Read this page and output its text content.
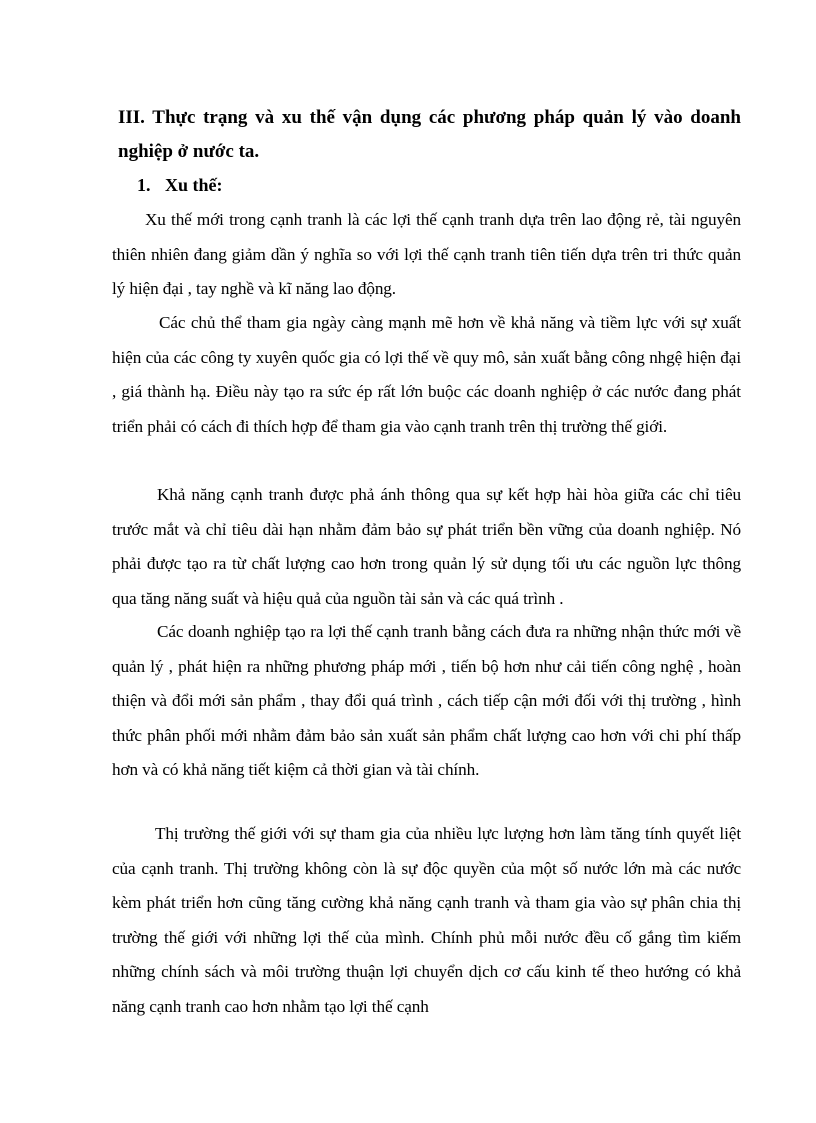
III. Thực trạng và xu thế vận dụng các phương pháp quản lý vào doanh nghiệp ở nước ta.

1. Xu thế:

Xu thế mới trong cạnh tranh là các lợi thế cạnh tranh dựa trên lao động rẻ, tài nguyên thiên nhiên đang giảm dần ý nghĩa so với lợi thế cạnh tranh tiên tiến dựa trên tri thức quản lý hiện đại , tay nghề và kĩ năng lao động.

Các chủ thể tham gia ngày càng mạnh mẽ hơn về khả năng và tiềm lực với sự xuất hiện của các công ty xuyên quốc gia có lợi thế về quy mô, sản xuất bằng công nhgệ hiện đại , giá thành hạ. Điều này tạo ra sức ép rất lớn buộc các doanh nghiệp ở các nước đang phát triển phải có cách đi thích hợp để tham gia vào cạnh tranh trên thị trường thế giới.

Khả năng cạnh tranh được phả ánh thông qua sự kết hợp hài hòa giữa các chỉ tiêu trước mắt và chỉ tiêu dài hạn nhằm đảm bảo sự phát triển bền vững của doanh nghiệp. Nó phải được tạo ra từ chất lượng cao hơn trong quản lý sử dụng tối ưu các nguồn lực thông qua tăng năng suất và hiệu quả của nguồn tài sản và các quá trình .

Các doanh nghiệp tạo ra lợi thế cạnh tranh bằng cách đưa ra những nhận thức mới về quản lý , phát hiện ra những phương pháp mới , tiến bộ hơn như cải tiến công nghệ , hoàn thiện và đổi mới sản phẩm , thay đổi quá trình , cách tiếp cận mới đối với thị trường , hình thức phân phối mới nhằm đảm bảo sản xuất sản phẩm chất lượng cao hơn với chi phí thấp hơn và có khả năng tiết kiệm cả thời gian và tài chính.

Thị trường thế giới với sự tham gia của nhiều lực lượng hơn làm tăng tính quyết liệt của cạnh tranh. Thị trường không còn là sự độc quyền của một số nước lớn mà các nước kèm phát triển hơn cũng tăng cường khả năng cạnh tranh và tham gia vào sự phân chia thị trường thế giới với những lợi thế của mình. Chính phủ mỗi nước đều cố gắng tìm kiếm những chính sách và môi trường thuận lợi chuyển dịch cơ cấu kinh tế theo hướng có khả năng cạnh tranh cao hơn nhằm tạo lợi thế cạnh
